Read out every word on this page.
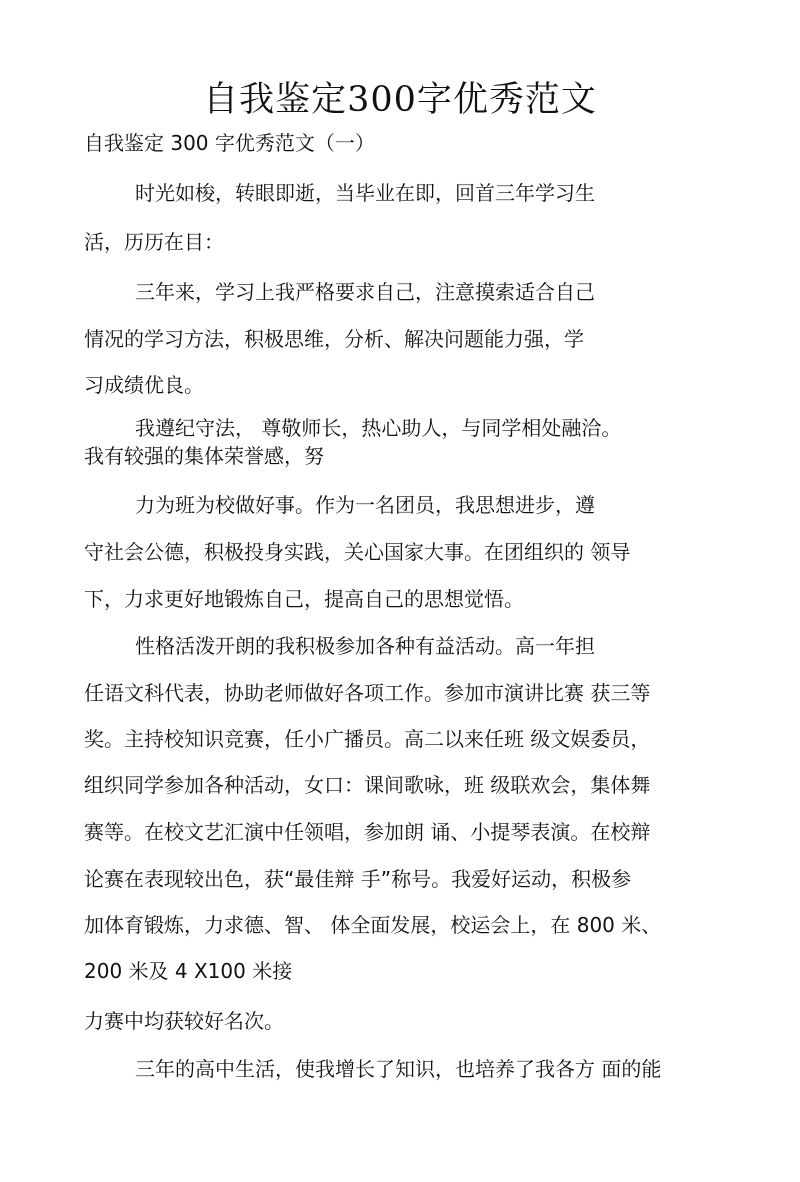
自我鉴定300字优秀范文
自我鉴定 300 字优秀范文（一）
时光如梭，转眼即逝，当毕业在即，回首三年学习生
活，历历在目：
三年来，学习上我严格要求自己，注意摸索适合自己
情况的学习方法，积极思维，分析、解决问题能力强，学
习成绩优良。
我遵纪守法， 尊敬师长，热心助人，与同学相处融洽。
我有较强的集体荣誉感，努
力为班为校做好事。作为一名团员，我思想进步，遵
守社会公德，积极投身实践，关心国家大事。在团组织的 领导
下，力求更好地锻炼自己，提高自己的思想觉悟。
性格活泼开朗的我积极参加各种有益活动。高一年担
任语文科代表，协助老师做好各项工作。参加市演讲比赛 获三等
奖。主持校知识竞赛，任小广播员。高二以来任班 级文娱委员，
组织同学参加各种活动，女口：课间歌咏，班 级联欢会，集体舞
赛等。在校文艺汇演中任领唱，参加朗 诵、小提琴表演。在校辩
论赛在表现较出色，获“最佳辩 手”称号。我爱好运动，积极参
加体育锻炼，力求德、智、 体全面发展，校运会上，在 800 米、
200 米及 4 X100 米接
力赛中均获较好名次。
三年的高中生活，使我增长了知识，也培养了我各方 面的能
